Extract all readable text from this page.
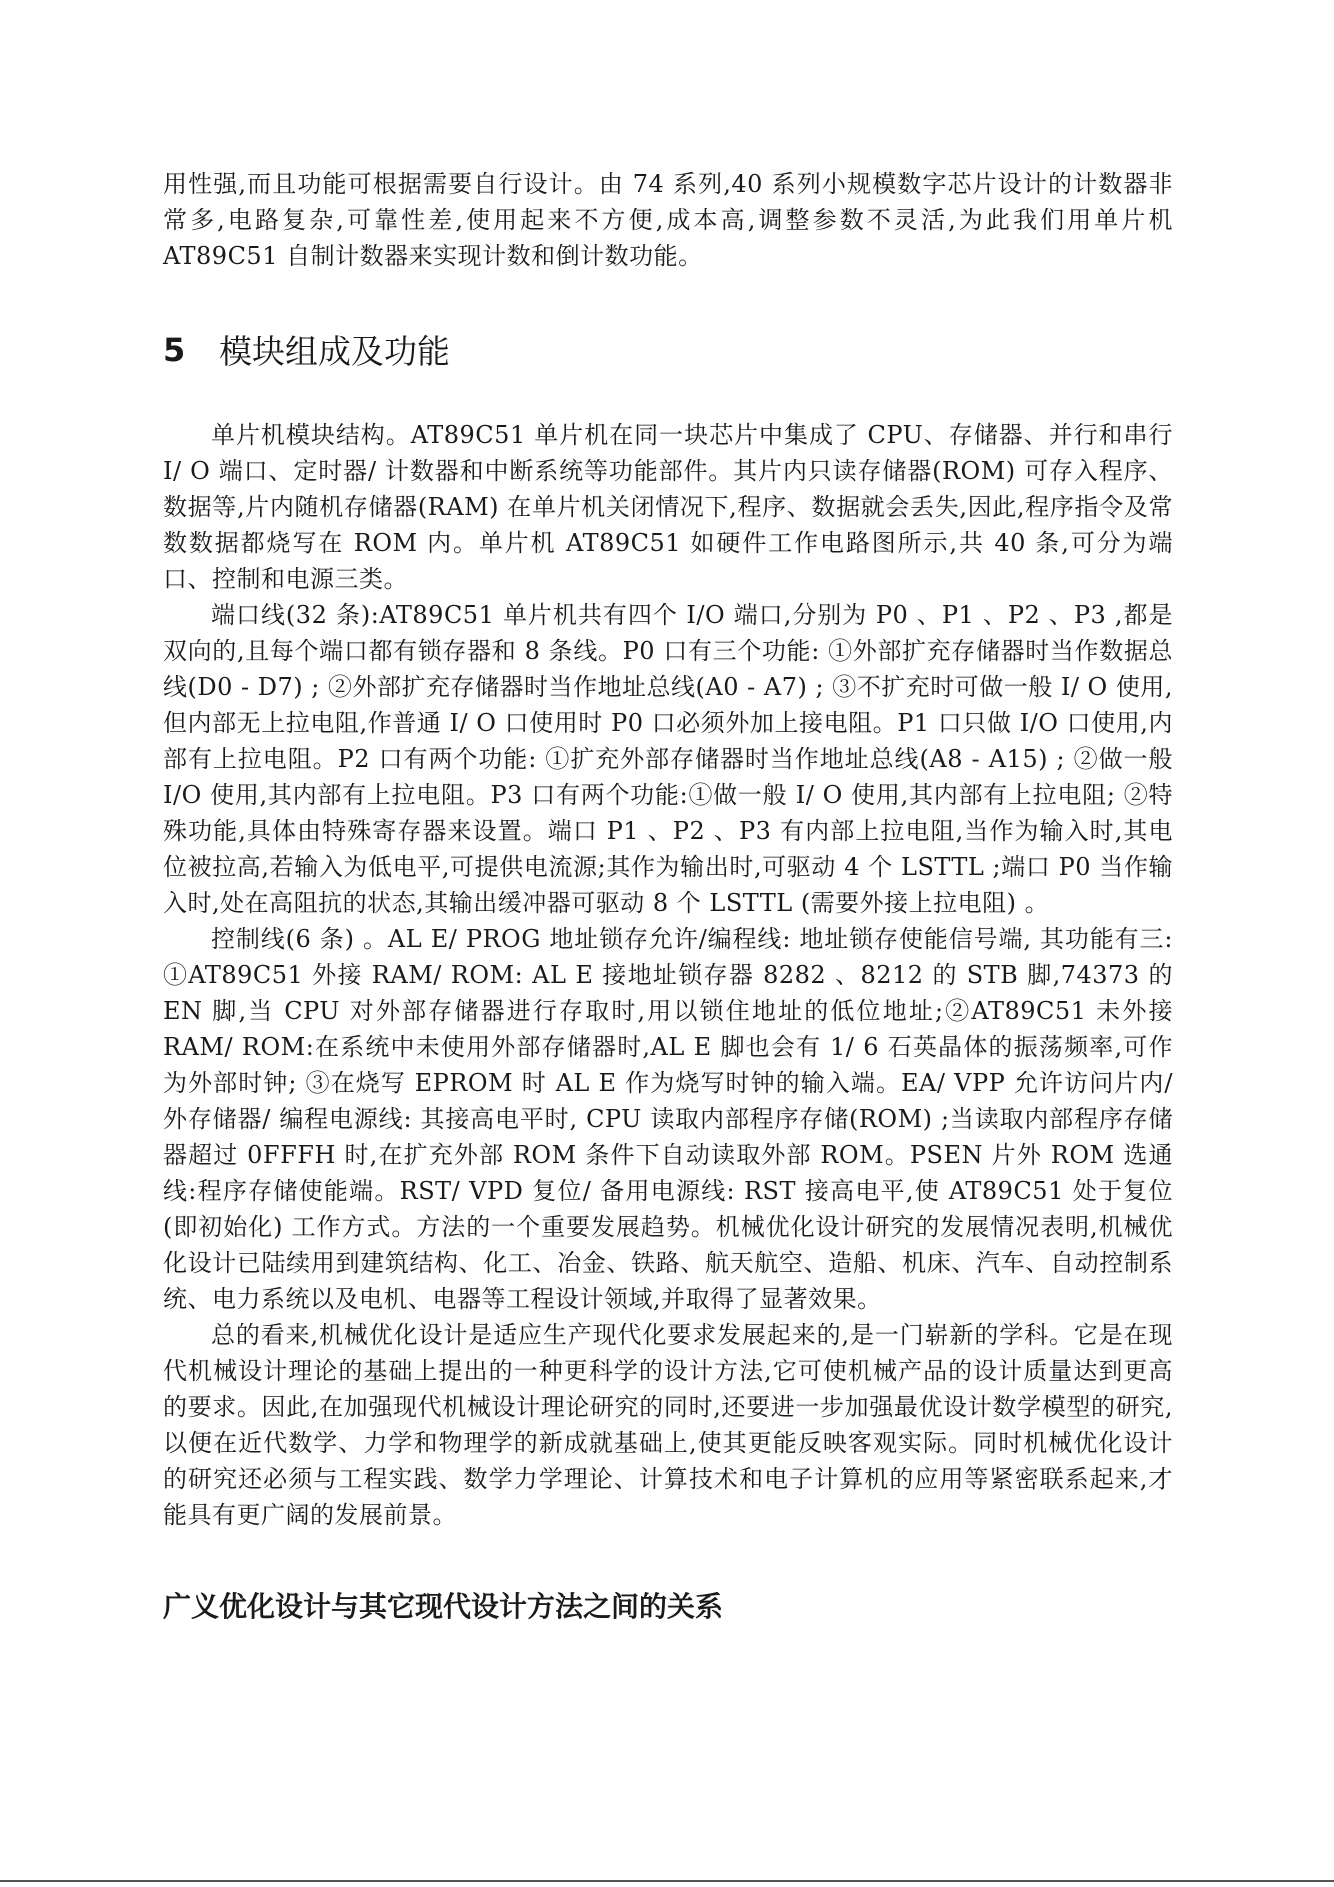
用性强,而且功能可根据需要自行设计。由 74 系列,40 系列小规模数字芯片设计的计数器非常多,电路复杂,可靠性差,使用起来不方便,成本高,调整参数不灵活,为此我们用单片机 AT89C51 自制计数器来实现计数和倒计数功能。

5	模块组成及功能

单片机模块结构。AT89C51 单片机在同一块芯片中集成了 CPU、存储器、并行和串行 I/ O 端口、定时器/ 计数器和中断系统等功能部件。其片内只读存储器(ROM) 可存入程序、数据等,片内随机存储器(RAM) 在单片机关闭情况下,程序、数据就会丢失,因此,程序指令及常数数据都烧写在 ROM 内。单片机 AT89C51 如硬件工作电路图所示,共 40 条,可分为端口、控制和电源三类。

端口线(32 条):AT89C51 单片机共有四个 I/O 端口,分别为 P0 、P1 、P2 、P3 ,都是双向的,且每个端口都有锁存器和 8 条线。P0 口有三个功能: ①外部扩充存储器时当作数据总线(D0 - D7) ; ②外部扩充存储器时当作地址总线(A0 - A7) ; ③不扩充时可做一般 I/ O 使用,但内部无上拉电阻,作普通 I/ O 口使用时 P0 口必须外加上接电阻。P1 口只做 I/O 口使用,内部有上拉电阻。P2 口有两个功能: ①扩充外部存储器时当作地址总线(A8 - A15) ; ②做一般 I/O 使用,其内部有上拉电阻。P3 口有两个功能:①做一般 I/ O 使用,其内部有上拉电阻; ②特殊功能,具体由特殊寄存器来设置。端口 P1 、P2 、P3 有内部上拉电阻,当作为输入时,其电位被拉高,若输入为低电平,可提供电流源;其作为输出时,可驱动 4 个 LSTTL ;端口 P0 当作输入时,处在高阻抗的状态,其输出缓冲器可驱动 8 个 LSTTL (需要外接上拉电阻) 。

控制线(6 条) 。AL E/ PROG 地址锁存允许/编程线: 地址锁存使能信号端, 其功能有三: ①AT89C51 外接 RAM/ ROM: AL E 接地址锁存器 8282 、8212 的 STB 脚,74373 的 EN 脚,当 CPU 对外部存储器进行存取时,用以锁住地址的低位地址;②AT89C51 未外接 RAM/ ROM:在系统中未使用外部存储器时,AL E 脚也会有 1/ 6 石英晶体的振荡频率,可作为外部时钟; ③在烧写 EPROM 时 AL E 作为烧写时钟的输入端。EA/ VPP 允许访问片内/ 外存储器/ 编程电源线: 其接高电平时, CPU 读取内部程序存储(ROM) ;当读取内部程序存储器超过 0FFFH 时,在扩充外部 ROM 条件下自动读取外部 ROM。PSEN 片外 ROM 选通线:程序存储使能端。RST/ VPD 复位/ 备用电源线: RST 接高电平,使 AT89C51 处于复位(即初始化) 工作方式。方法的一个重要发展趋势。机械优化设计研究的发展情况表明,机械优化设计已陆续用到建筑结构、化工、冶金、铁路、航天航空、造船、机床、汽车、自动控制系统、电力系统以及电机、电器等工程设计领域,并取得了显著效果。

总的看来,机械优化设计是适应生产现代化要求发展起来的,是一门崭新的学科。它是在现代机械设计理论的基础上提出的一种更科学的设计方法,它可使机械产品的设计质量达到更高的要求。因此,在加强现代机械设计理论研究的同时,还要进一步加强最优设计数学模型的研究,以便在近代数学、力学和物理学的新成就基础上,使其更能反映客观实际。同时机械优化设计的研究还必须与工程实践、数学力学理论、计算技术和电子计算机的应用等紧密联系起来,才能具有更广阔的发展前景。

广义优化设计与其它现代设计方法之间的关系
